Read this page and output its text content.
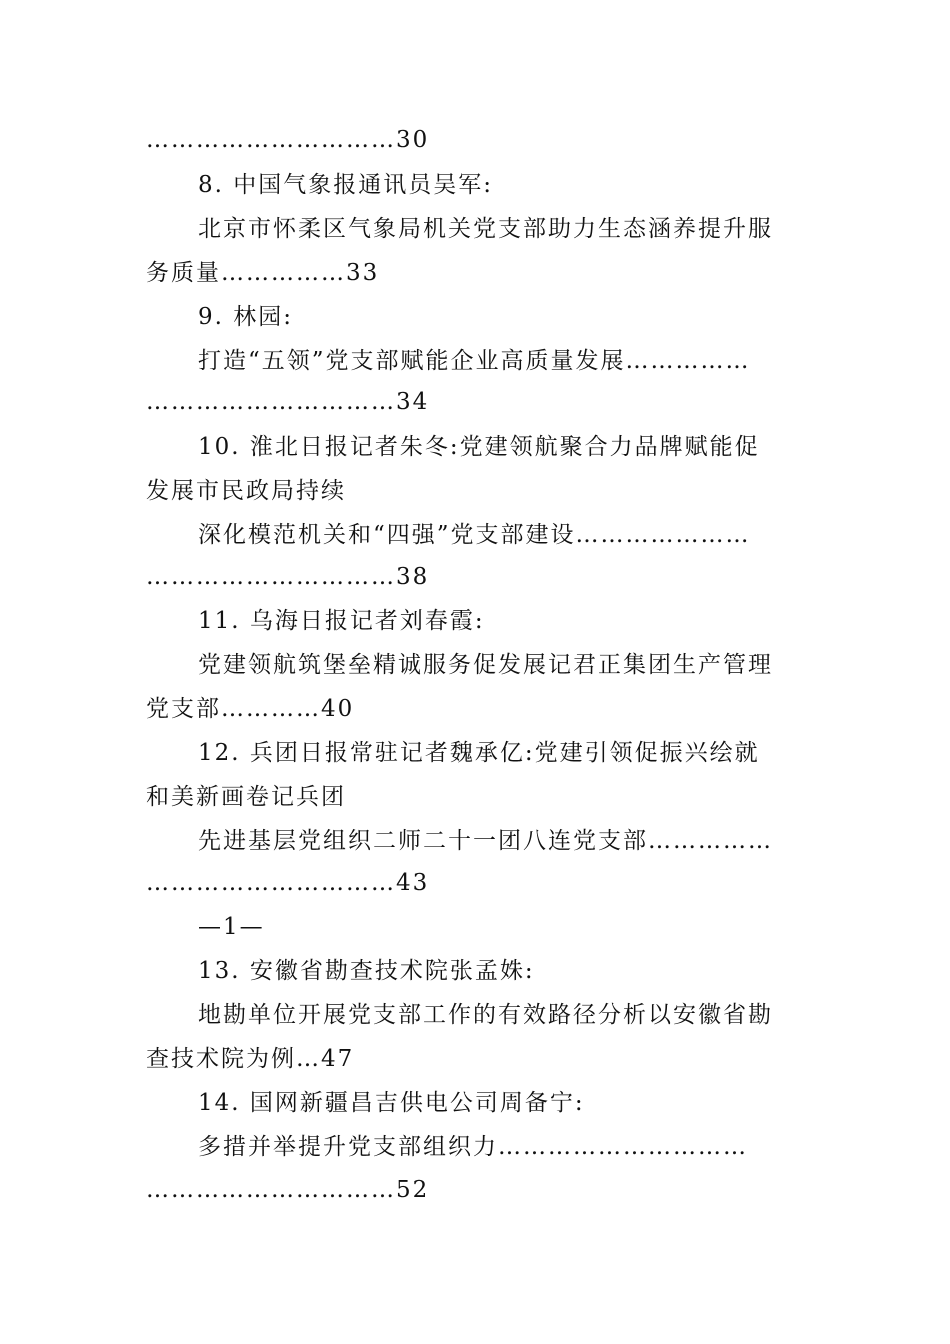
…………………………30
8. 中国气象报通讯员吴军:
北京市怀柔区气象局机关党支部助力生态涵养提升服
务质量……………33
9. 林园:
打造“五领”党支部赋能企业高质量发展……………
…………………………34
10. 淮北日报记者朱冬:党建领航聚合力品牌赋能促
发展市民政局持续
深化模范机关和“四强”党支部建设…………………
…………………………38
11. 乌海日报记者刘春霞:
党建领航筑堡垒精诚服务促发展记君正集团生产管理
党支部…………40
12. 兵团日报常驻记者魏承亿:党建引领促振兴绘就
和美新画卷记兵团
先进基层党组织二师二十一团八连党支部……………
…………………………43
—1—
13. 安徽省勘查技术院张孟姝:
地勘单位开展党支部工作的有效路径分析以安徽省勘
查技术院为例…47
14. 国网新疆昌吉供电公司周备宁:
多措并举提升党支部组织力…………………………
…………………………52
